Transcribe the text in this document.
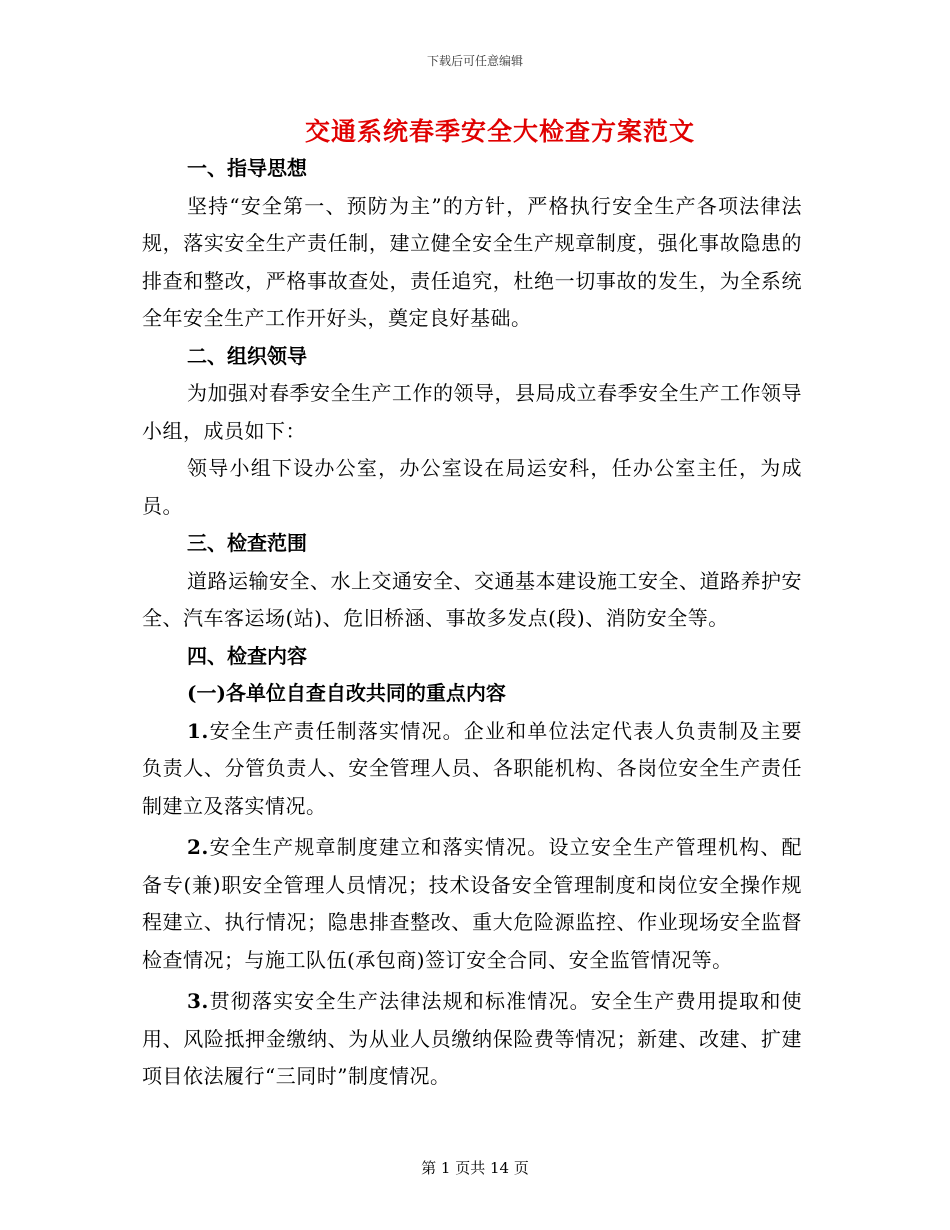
下载后可任意编辑
交通系统春季安全大检查方案范文

一、指导思想

坚持“安全第一、预防为主”的方针，严格执行安全生产各项法律法规，落实安全生产责任制，建立健全安全生产规章制度，强化事故隐患的排查和整改，严格事故查处，责任追究，杜绝一切事故的发生，为全系统全年安全生产工作开好头，奠定良好基础。

二、组织领导

为加强对春季安全生产工作的领导，县局成立春季安全生产工作领导小组，成员如下：

领导小组下设办公室，办公室设在局运安科，任办公室主任，为成员。

三、检查范围

道路运输安全、水上交通安全、交通基本建设施工安全、道路养护安全、汽车客运场(站)、危旧桥涵、事故多发点(段)、消防安全等。

四、检查内容

(一)各单位自查自改共同的重点内容

1.安全生产责任制落实情况。企业和单位法定代表人负责制及主要负责人、分管负责人、安全管理人员、各职能机构、各岗位安全生产责任制建立及落实情况。

2.安全生产规章制度建立和落实情况。设立安全生产管理机构、配备专(兼)职安全管理人员情况；技术设备安全管理制度和岗位安全操作规程建立、执行情况；隐患排查整改、重大危险源监控、作业现场安全监督检查情况；与施工队伍(承包商)签订安全合同、安全监管情况等。

3.贯彻落实安全生产法律法规和标准情况。安全生产费用提取和使用、风险抵押金缴纳、为从业人员缴纳保险费等情况；新建、改建、扩建项目依法履行“三同时”制度情况。

第 1 页共 14 页
